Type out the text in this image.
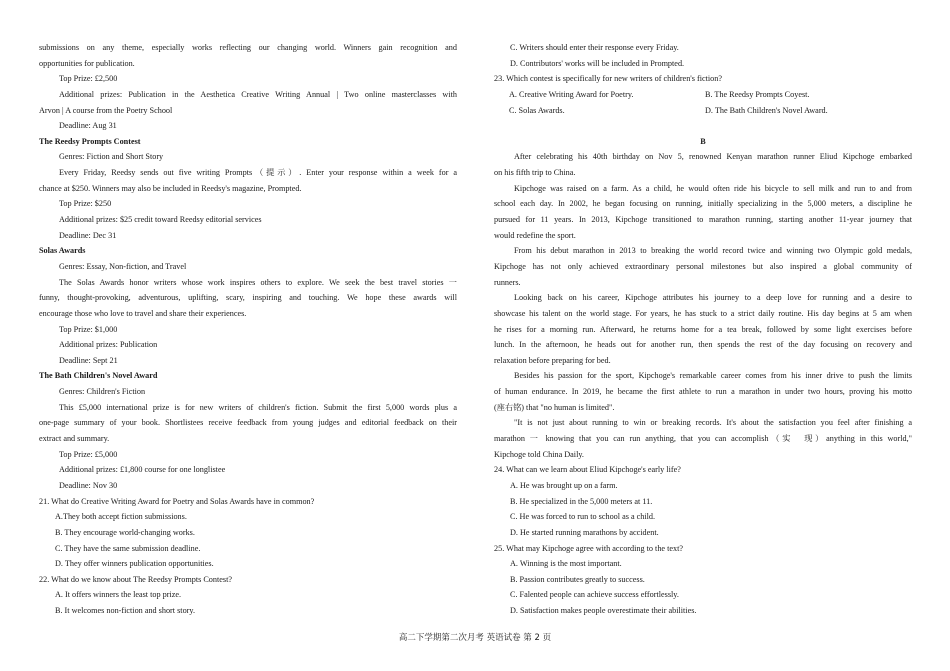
submissions on any theme, especially works reflecting our changing world. Winners gain recognition and
opportunities for publication.
Top Prize: £2,500
Additional prizes: Publication in the Aesthetica Creative Writing Annual | Two online masterclasses with
Arvon | A course from the Poetry School
Deadline: Aug 31
The Reedsy Prompts Contest
Genres: Fiction and Short Story
Every Friday, Reedsy sends out five writing Prompts（提示）. Enter your response within a week for a
chance at $250. Winners may also be included in Reedsy's magazine, Prompted.
Top Prize: $250
Additional prizes: $25 credit toward Reedsy editorial services
Deadline: Dec 31
Solas Awards
Genres: Essay, Non-fiction, and Travel
The Solas Awards honor writers whose work inspires others to explore. We seek the best travel stories 一
funny, thought-provoking, adventurous, uplifting, scary, inspiring and touching. We hope these awards will
encourage those who love to travel and share their experiences.
Top Prize: $1,000
Additional prizes: Publication
Deadline: Sept 21
The Bath Children's Novel Award
Genres: Children's Fiction
This £5,000 international prize is for new writers of children's fiction. Submit the first 5,000 words plus a
one-page summary of your book. Shortlistees receive feedback from young judges and editorial feedback on their
extract and summary.
Top Prize: £5,000
Additional prizes: £1,800 course for one longlistee
Deadline: Nov 30
21. What do Creative Writing Award for Poetry and Solas Awards have in common?
A.They both accept fiction submissions.
B. They encourage world-changing works.
C. They have the same submission deadline.
D. They offer winners publication opportunities.
22. What do we know about The Reedsy Prompts Contest?
A. It offers winners the least top prize.
B. It welcomes non-fiction and short story.
C. Writers should enter their response every Friday.
D. Contributors' works will be included in Prompted.
23. Which contest is specifically for new writers of children's fiction?
A. Creative Writing Award for Poetry.	B. The Reedsy Prompts Coyest.
C. Solas Awards.	D. The Bath Children's Novel Award.
B
After celebrating his 40th birthday on Nov 5, renowned Kenyan marathon runner Eliud Kipchoge embarked
on his fifth trip to China.
Kipchoge was raised on a farm. As a child, he would often ride his bicycle to sell milk and run to and from
school each day. In 2002, he began focusing on running, initially specializing in the 5,000 meters, a discipline he
pursued for 11 years. In 2013, Kipchoge transitioned to marathon running, starting another 11-year journey that
would redefine the sport.
From his debut marathon in 2013 to breaking the world record twice and winning two Olympic gold medals,
Kipchoge has not only achieved extraordinary personal milestones but also inspired a global community of
runners.
Looking back on his career, Kipchoge attributes his journey to a deep love for running and a desire to
showcase his talent on the world stage. For years, he has stuck to a strict daily routine. His day begins at 5 am when
he rises for a morning run. Afterward, he returns home for a tea break, followed by some light exercises before
lunch. In the afternoon, he heads out for another run, then spends the rest of the day focusing on recovery and
relaxation before preparing for bed.
Besides his passion for the sport, Kipchoge's remarkable career comes from his inner drive to push the limits
of human endurance. In 2019, he became the first athlete to run a marathon in under two hours, proving his motto
(座右铭) that "no human is limited".
"It is not just about running to win or breaking records. It's about the satisfaction you feel after finishing a
marathon 一 knowing that you can run anything, that you can accomplish（实　现）anything in this world,"
Kipchoge told China Daily.
24. What can we learn about Eliud Kipchoge's early life?
A. He was brought up on a farm.
B. He specialized in the 5,000 meters at 11.
C. He was forced to run to school as a child.
D. He started running marathons by accident.
25. What may Kipchoge agree with according to the text?
A. Winning is the most important.
B. Passion contributes greatly to success.
C. Falented people can achieve success effortlessly.
D. Satisfaction makes people overestimate their abilities.
高二下学期第二次月考 英语试卷 第 2 页
